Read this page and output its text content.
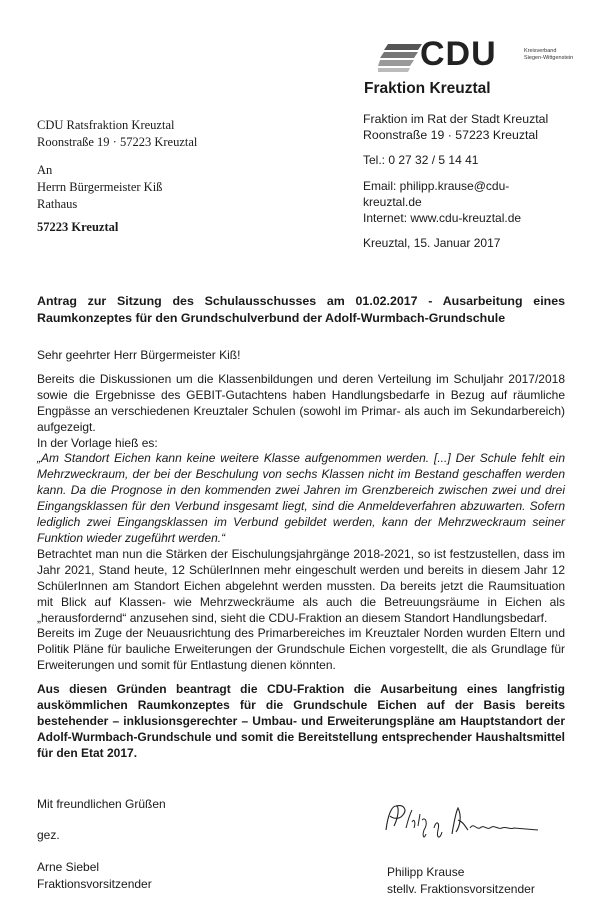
CDU	Kreisverband
Siegen-Wittgenstein
Fraktion Kreuztal
CDU Ratsfraktion Kreuztal
Roonstraße 19 · 57223 Kreuztal
An
Herrn Bürgermeister Kiß
Rathaus
57223 Kreuztal
Fraktion im Rat der Stadt Kreuztal
Roonstraße 19 · 57223 Kreuztal
Tel.: 0 27 32 / 5 14 41
Email: philipp.krause@cdu-
kreuztal.de
Internet: www.cdu-kreuztal.de
Kreuztal, 15. Januar 2017
Antrag zur Sitzung des Schulausschusses am 01.02.2017 - Ausarbeitung eines Raumkonzeptes für den Grundschulverbund der Adolf-Wurmbach-Grundschule

Sehr geehrter Herr Bürgermeister Kiß!

Bereits die Diskussionen um die Klassenbildungen und deren Verteilung im Schuljahr 2017/2018 sowie die Ergebnisse des GEBIT-Gutachtens haben Handlungsbedarfe in Bezug auf räumliche Engpässe an verschiedenen Kreuztaler Schulen (sowohl im Primar- als auch im Sekundarbereich) aufgezeigt.

In der Vorlage hieß es:

„Am Standort Eichen kann keine weitere Klasse aufgenommen werden. [...] Der Schule fehlt ein Mehrzweckraum, der bei der Beschulung von sechs Klassen nicht im Bestand geschaffen werden kann. Da die Prognose in den kommenden zwei Jahren im Grenzbereich zwischen zwei und drei Eingangsklassen für den Verbund insgesamt liegt, sind die Anmeldeverfahren abzuwarten. Sofern lediglich zwei Eingangsklassen im Verbund gebildet werden, kann der Mehrzweckraum seiner Funktion wieder zugeführt werden.“

Betrachtet man nun die Stärken der Eischulungsjahrgänge 2018-2021, so ist festzustellen, dass im Jahr 2021, Stand heute, 12 SchülerInnen mehr eingeschult werden und bereits in diesem Jahr 12 SchülerInnen am Standort Eichen abgelehnt werden mussten. Da bereits jetzt die Raumsituation mit Blick auf Klassen- wie Mehrzweckräume als auch die Betreuungsräume in Eichen als „herausfordernd“ anzusehen sind, sieht die CDU-Fraktion an diesem Standort Handlungsbedarf.

Bereits im Zuge der Neuausrichtung des Primarbereiches im Kreuztaler Norden wurden Eltern und Politik Pläne für bauliche Erweiterungen der Grundschule Eichen vorgestellt, die als Grundlage für Erweiterungen und somit für Entlastung dienen könnten.

Aus diesen Gründen beantragt die CDU-Fraktion die Ausarbeitung eines langfristig auskömmlichen Raumkonzeptes für die Grundschule Eichen auf der Basis bereits bestehender – inklusionsgerechter – Umbau- und Erweiterungspläne am Hauptstandort der Adolf-Wurmbach-Grundschule und somit die Bereitstellung entsprechender Haushaltsmittel für den Etat 2017.

Mit freundlichen Grüßen
gez.
Arne Siebel
Fraktionsvorsitzender
Philipp Krause
stellv. Fraktionsvorsitzender
